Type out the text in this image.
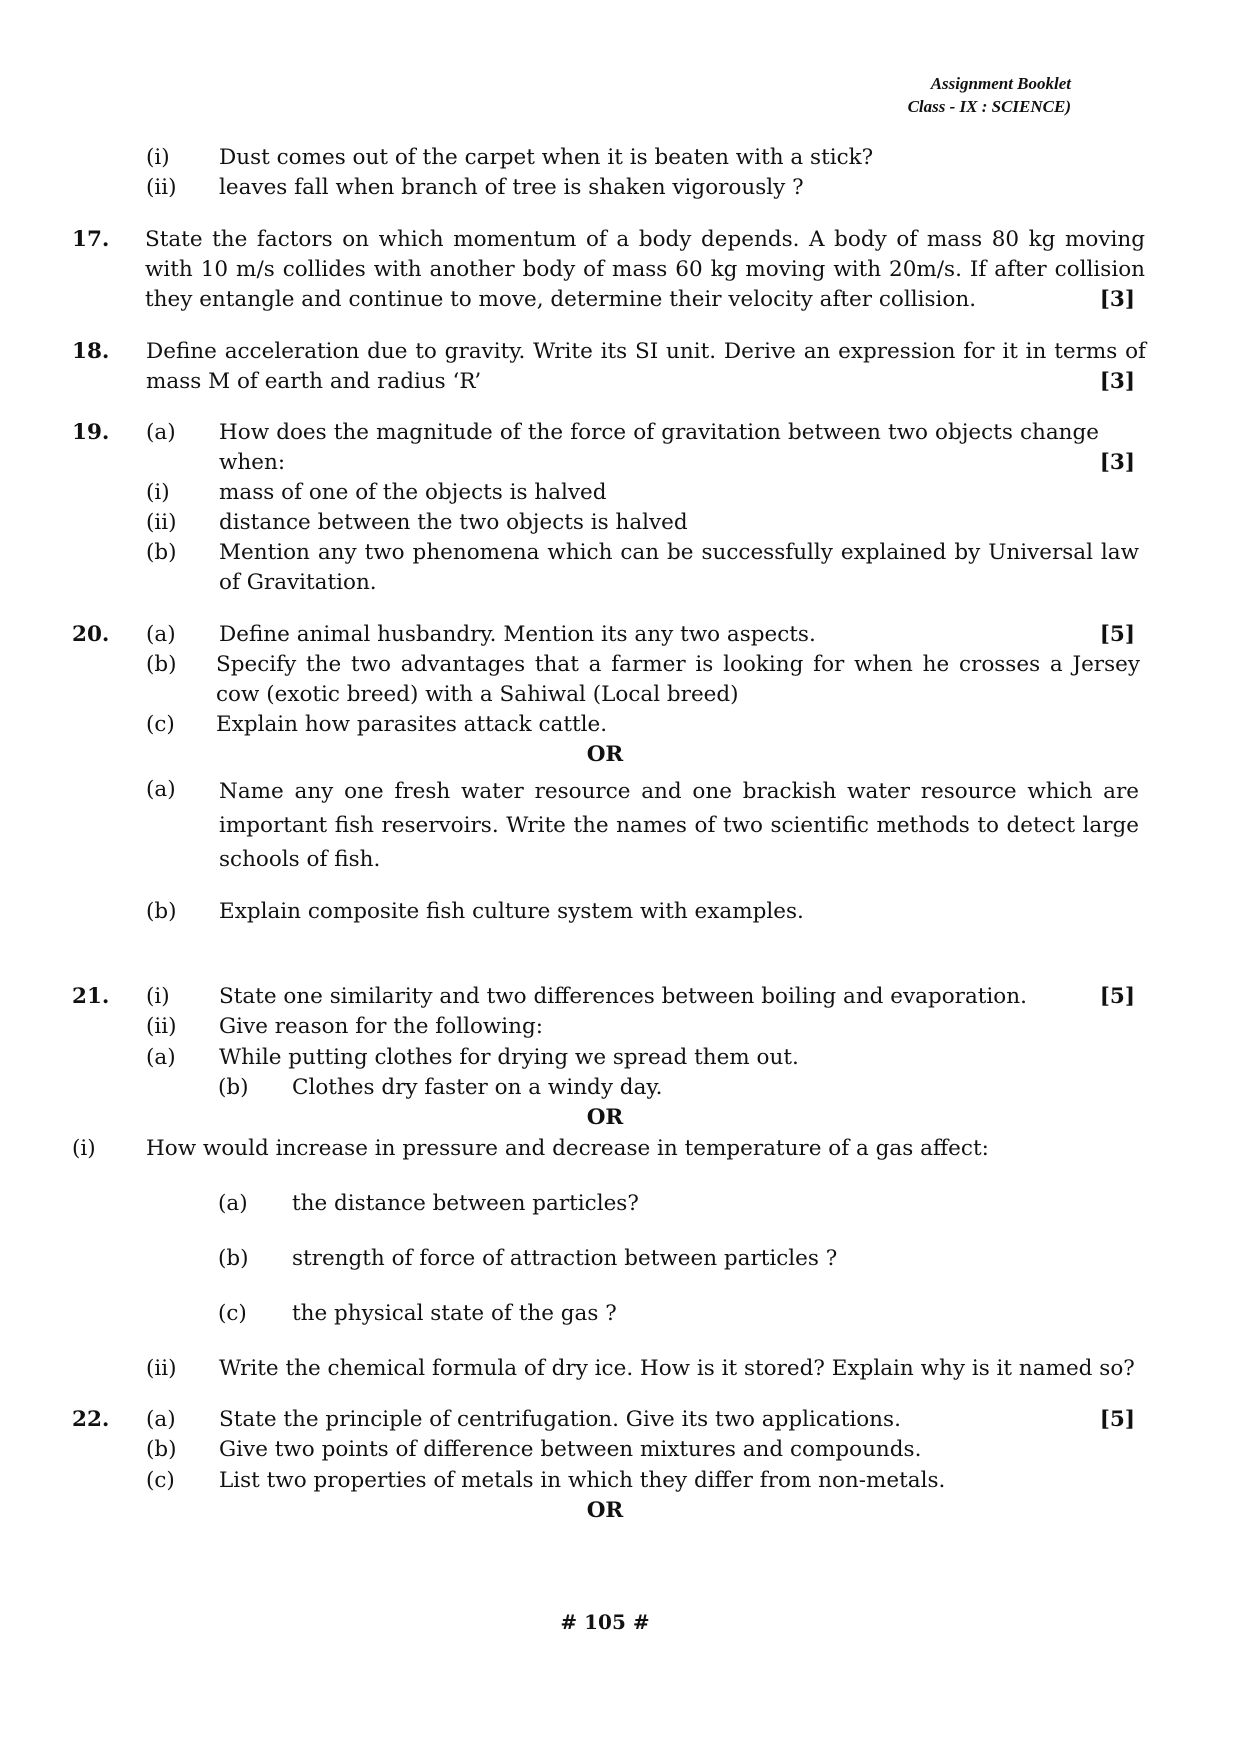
Assignment Booklet
Class - IX : SCIENCE)
(i) Dust comes out of the carpet when it is beaten with a stick?
(ii) leaves fall when branch of tree is shaken vigorously ?
17. State the factors on which momentum of a body depends. A body of mass 80 kg moving with 10 m/s collides with another body of mass 60 kg moving with 20m/s. If after collision they entangle and continue to move, determine their velocity after collision.	[3]
18. Define acceleration due to gravity. Write its SI unit. Derive an expression for it in terms of mass M of earth and radius ‘R’	[3]
19. (a) How does the magnitude of the force of gravitation between two objects change when:	[3]
(i) mass of one of the objects is halved
(ii) distance between the two objects is halved
(b) Mention any two phenomena which can be successfully explained by Universal law of Gravitation.
20. (a) Define animal husbandry. Mention its any two aspects.	[5]
(b) Specify the two advantages that a farmer is looking for when he crosses a Jersey cow (exotic breed) with a Sahiwal (Local breed)
(c) Explain how parasites attack cattle.
OR
(a) Name any one fresh water resource and one brackish water resource which are important fish reservoirs. Write the names of two scientific methods to detect large schools of fish.
(b) Explain composite fish culture system with examples.
21. (i) State one similarity and two differences between boiling and evaporation.	[5]
(ii) Give reason for the following:
(a) While putting clothes for drying we spread them out.
(b) Clothes dry faster on a windy day.
OR
(i) How would increase in pressure and decrease in temperature of a gas affect:
(a) the distance between particles?
(b) strength of force of attraction between particles ?
(c) the physical state of the gas ?
(ii) Write the chemical formula of dry ice. How is it stored? Explain why is it named so?
22. (a) State the principle of centrifugation. Give its two applications.	[5]
(b) Give two points of difference between mixtures and compounds.
(c) List two properties of metals in which they differ from non-metals.
OR
# 105 #
